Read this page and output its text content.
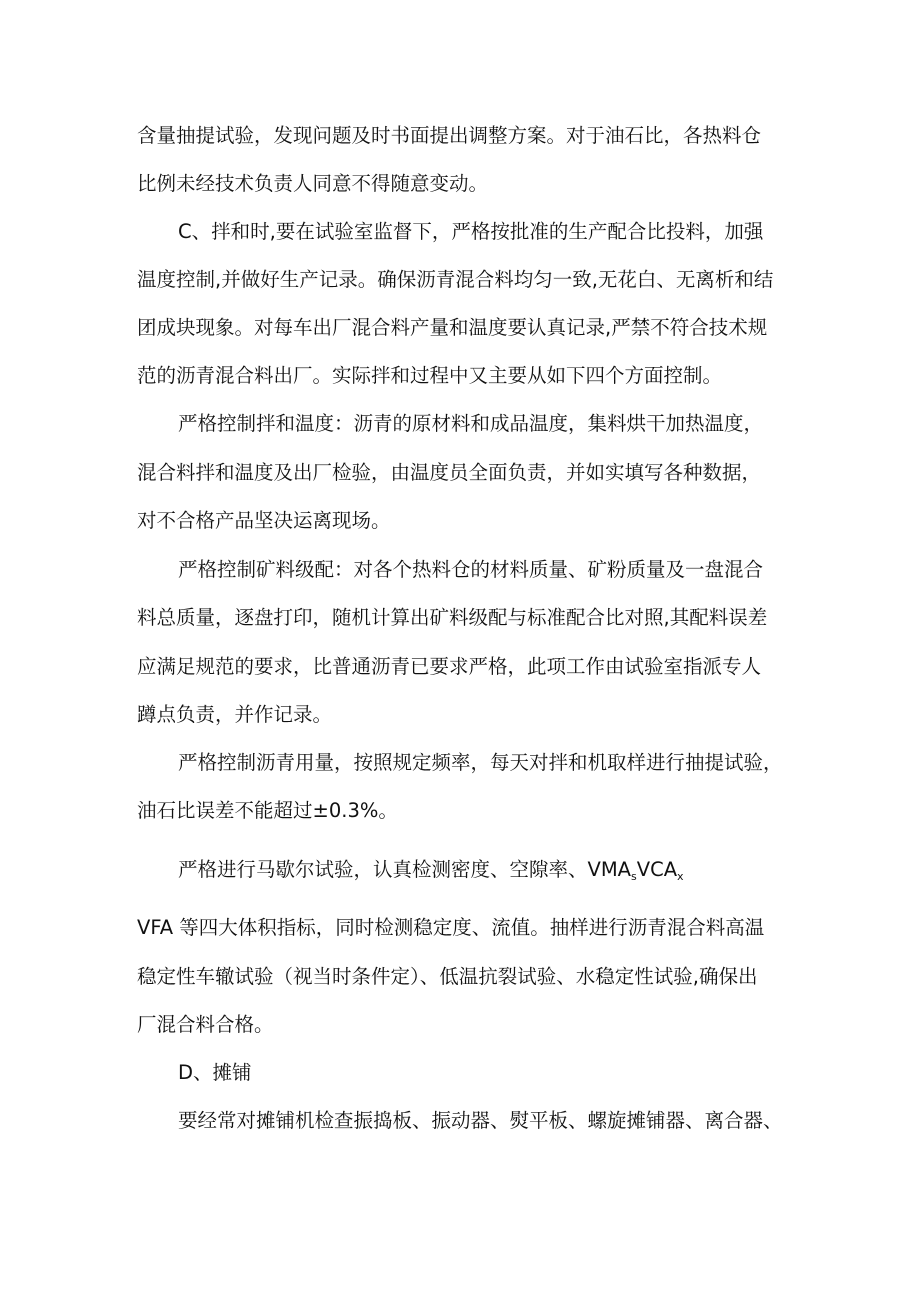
含量抽提试验，发现问题及时书面提出调整方案。对于油石比，各热料仓
比例未经技术负责人同意不得随意变动。
C、拌和时,要在试验室监督下，严格按批准的生产配合比投料，加强
温度控制,并做好生产记录。确保沥青混合料均匀一致,无花白、无离析和结
团成块现象。对每车出厂混合料产量和温度要认真记录,严禁不符合技术规
范的沥青混合料出厂。实际拌和过程中又主要从如下四个方面控制。
严格控制拌和温度：沥青的原材料和成品温度，集料烘干加热温度，
混合料拌和温度及出厂检验，由温度员全面负责，并如实填写各种数据，
对不合格产品坚决运离现场。
严格控制矿料级配：对各个热料仓的材料质量、矿粉质量及一盘混合
料总质量，逐盘打印，随机计算出矿料级配与标准配合比对照,其配料误差
应满足规范的要求，比普通沥青已要求严格，此项工作由试验室指派专人
蹲点负责，并作记录。
严格控制沥青用量，按照规定频率，每天对拌和机取样进行抽提试验，
油石比误差不能超过±0.3%。
严格进行马歇尔试验，认真检测密度、空隙率、$VMA_sVCA_x$
VFA 等四大体积指标，同时检测稳定度、流值。抽样进行沥青混合料高温
稳定性车辙试验（视当时条件定）、低温抗裂试验、水稳定性试验,确保出
厂混合料合格。
D、摊铺
要经常对摊铺机检查振捣板、振动器、熨平板、螺旋摊铺器、离合器、
